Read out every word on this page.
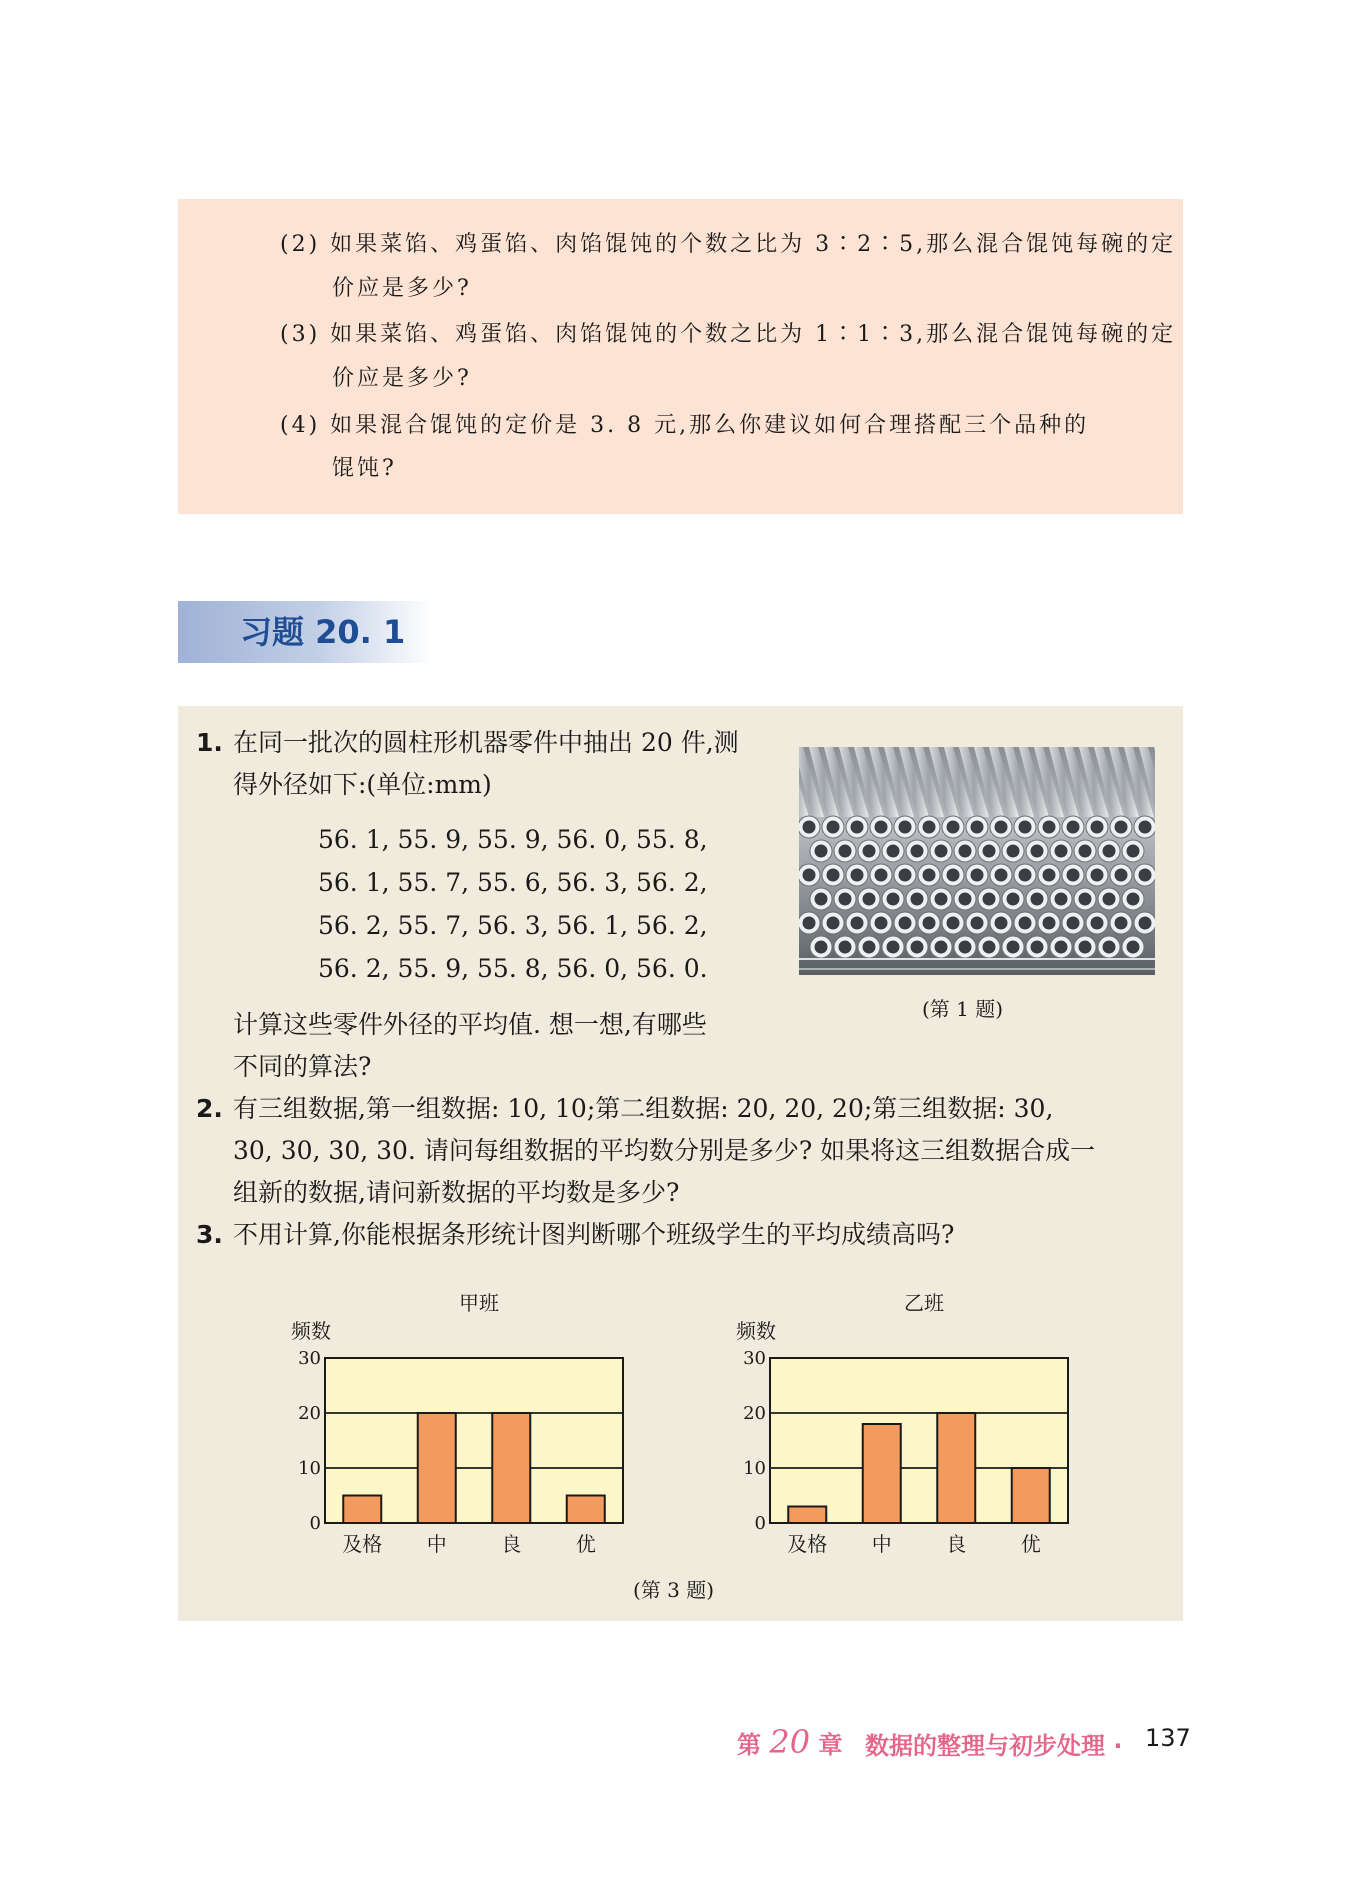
(2) 如果菜馅、鸡蛋馅、肉馅馄饨的个数之比为 3∶2∶5,那么混合馄饨每碗的定
价应是多少?
(3) 如果菜馅、鸡蛋馅、肉馅馄饨的个数之比为 1∶1∶3,那么混合馄饨每碗的定
价应是多少?
(4) 如果混合馄饨的定价是 3. 8 元,那么你建议如何合理搭配三个品种的
馄饨?
习题 20. 1
1. 在同一批次的圆柱形机器零件中抽出 20 件,测
得外径如下:(单位:mm)
56. 1, 55. 9, 55. 9, 56. 0, 55. 8,
56. 1, 55. 7, 55. 6, 56. 3, 56. 2,
56. 2, 55. 7, 56. 3, 56. 1, 56. 2,
56. 2, 55. 9, 55. 8, 56. 0, 56. 0.
计算这些零件外径的平均值. 想一想,有哪些
不同的算法?
(第 1 题)
2. 有三组数据,第一组数据: 10, 10;第二组数据: 20, 20, 20;第三组数据: 30,
30, 30, 30, 30. 请问每组数据的平均数分别是多少? 如果将这三组数据合成一
组新的数据,请问新数据的平均数是多少?
3. 不用计算,你能根据条形统计图判断哪个班级学生的平均成绩高吗?
甲班
频数
30
20
10
0
及格 中	良	优
乙班
频数
30
20
10
0
及格 中	良	优
(第 3 题)
第 20 章 数据的整理与初步处理 · 137
